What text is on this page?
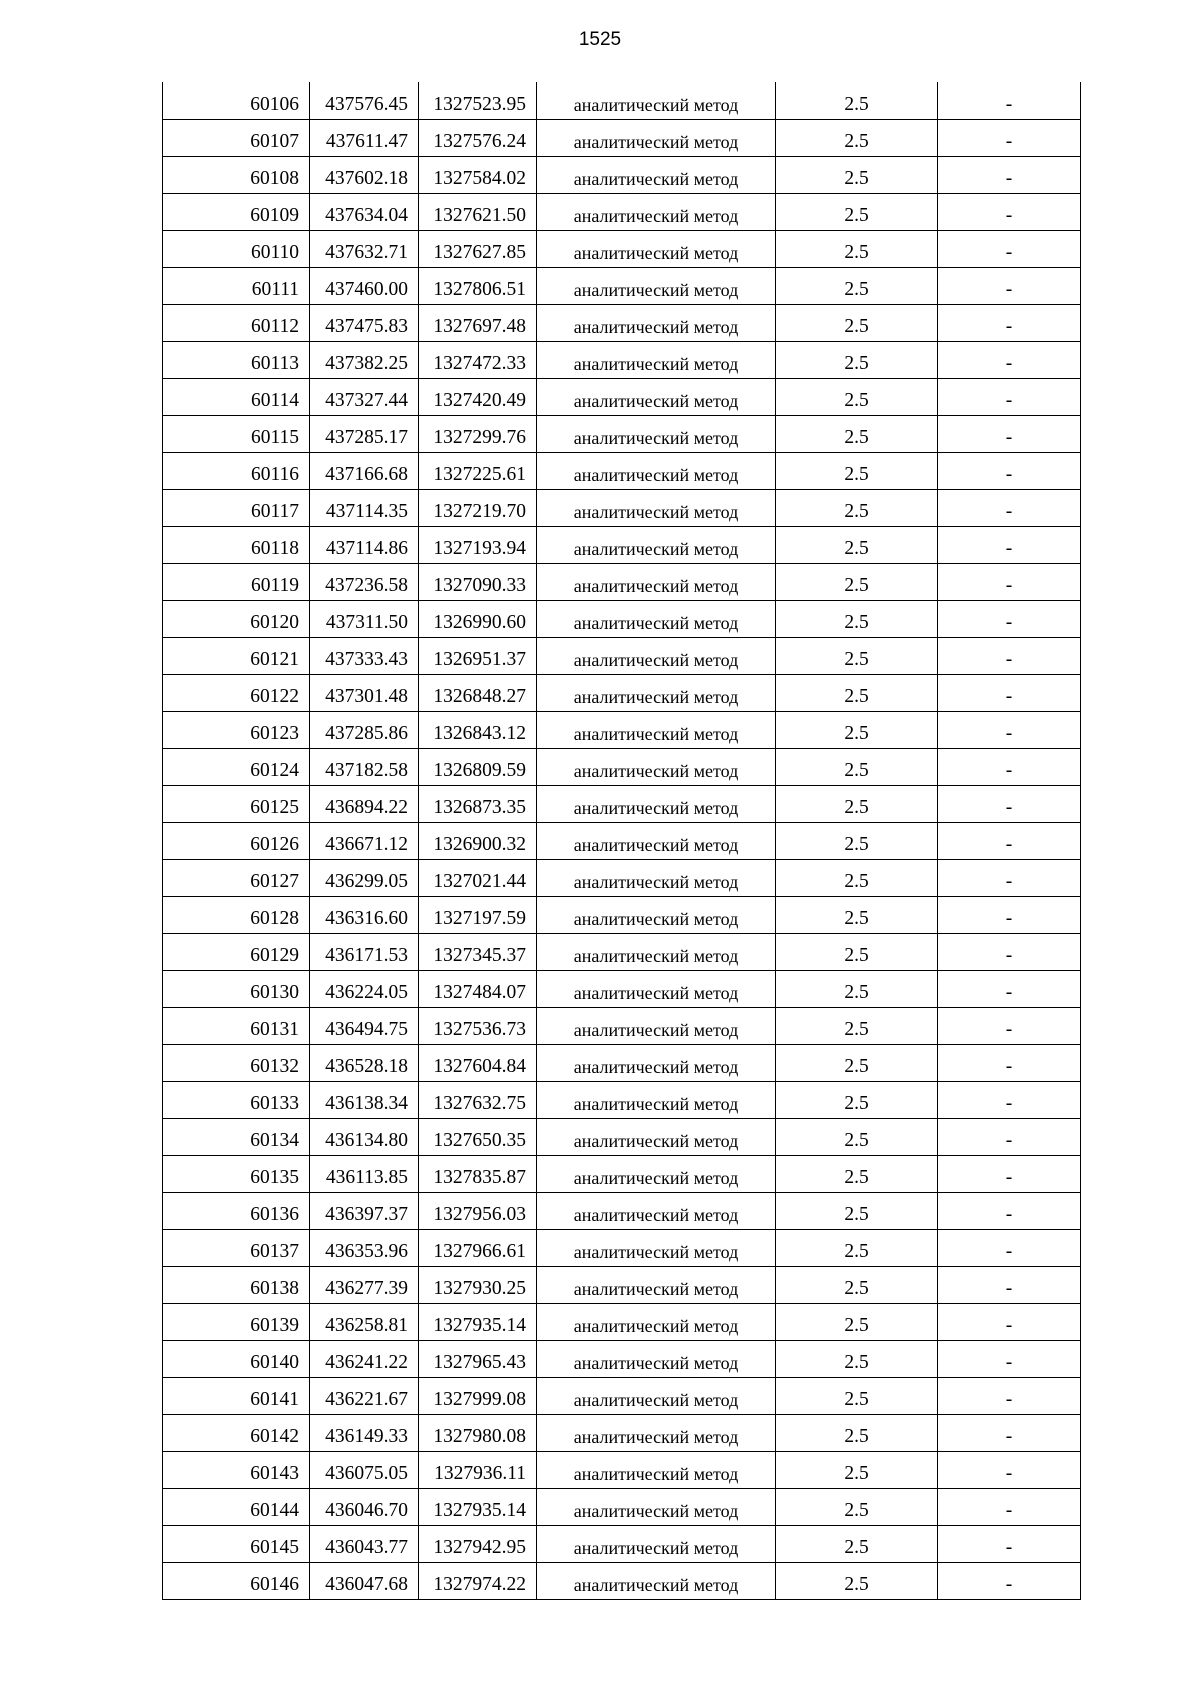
1525
60106	437576.45	1327523.95	аналитический метод	2.5	-
60107	437611.47	1327576.24	аналитический метод	2.5	-
60108	437602.18	1327584.02	аналитический метод	2.5	-
60109	437634.04	1327621.50	аналитический метод	2.5	-
60110	437632.71	1327627.85	аналитический метод	2.5	-
60111	437460.00	1327806.51	аналитический метод	2.5	-
60112	437475.83	1327697.48	аналитический метод	2.5	-
60113	437382.25	1327472.33	аналитический метод	2.5	-
60114	437327.44	1327420.49	аналитический метод	2.5	-
60115	437285.17	1327299.76	аналитический метод	2.5	-
60116	437166.68	1327225.61	аналитический метод	2.5	-
60117	437114.35	1327219.70	аналитический метод	2.5	-
60118	437114.86	1327193.94	аналитический метод	2.5	-
60119	437236.58	1327090.33	аналитический метод	2.5	-
60120	437311.50	1326990.60	аналитический метод	2.5	-
60121	437333.43	1326951.37	аналитический метод	2.5	-
60122	437301.48	1326848.27	аналитический метод	2.5	-
60123	437285.86	1326843.12	аналитический метод	2.5	-
60124	437182.58	1326809.59	аналитический метод	2.5	-
60125	436894.22	1326873.35	аналитический метод	2.5	-
60126	436671.12	1326900.32	аналитический метод	2.5	-
60127	436299.05	1327021.44	аналитический метод	2.5	-
60128	436316.60	1327197.59	аналитический метод	2.5	-
60129	436171.53	1327345.37	аналитический метод	2.5	-
60130	436224.05	1327484.07	аналитический метод	2.5	-
60131	436494.75	1327536.73	аналитический метод	2.5	-
60132	436528.18	1327604.84	аналитический метод	2.5	-
60133	436138.34	1327632.75	аналитический метод	2.5	-
60134	436134.80	1327650.35	аналитический метод	2.5	-
60135	436113.85	1327835.87	аналитический метод	2.5	-
60136	436397.37	1327956.03	аналитический метод	2.5	-
60137	436353.96	1327966.61	аналитический метод	2.5	-
60138	436277.39	1327930.25	аналитический метод	2.5	-
60139	436258.81	1327935.14	аналитический метод	2.5	-
60140	436241.22	1327965.43	аналитический метод	2.5	-
60141	436221.67	1327999.08	аналитический метод	2.5	-
60142	436149.33	1327980.08	аналитический метод	2.5	-
60143	436075.05	1327936.11	аналитический метод	2.5	-
60144	436046.70	1327935.14	аналитический метод	2.5	-
60145	436043.77	1327942.95	аналитический метод	2.5	-
60146	436047.68	1327974.22	аналитический метод	2.5	-
